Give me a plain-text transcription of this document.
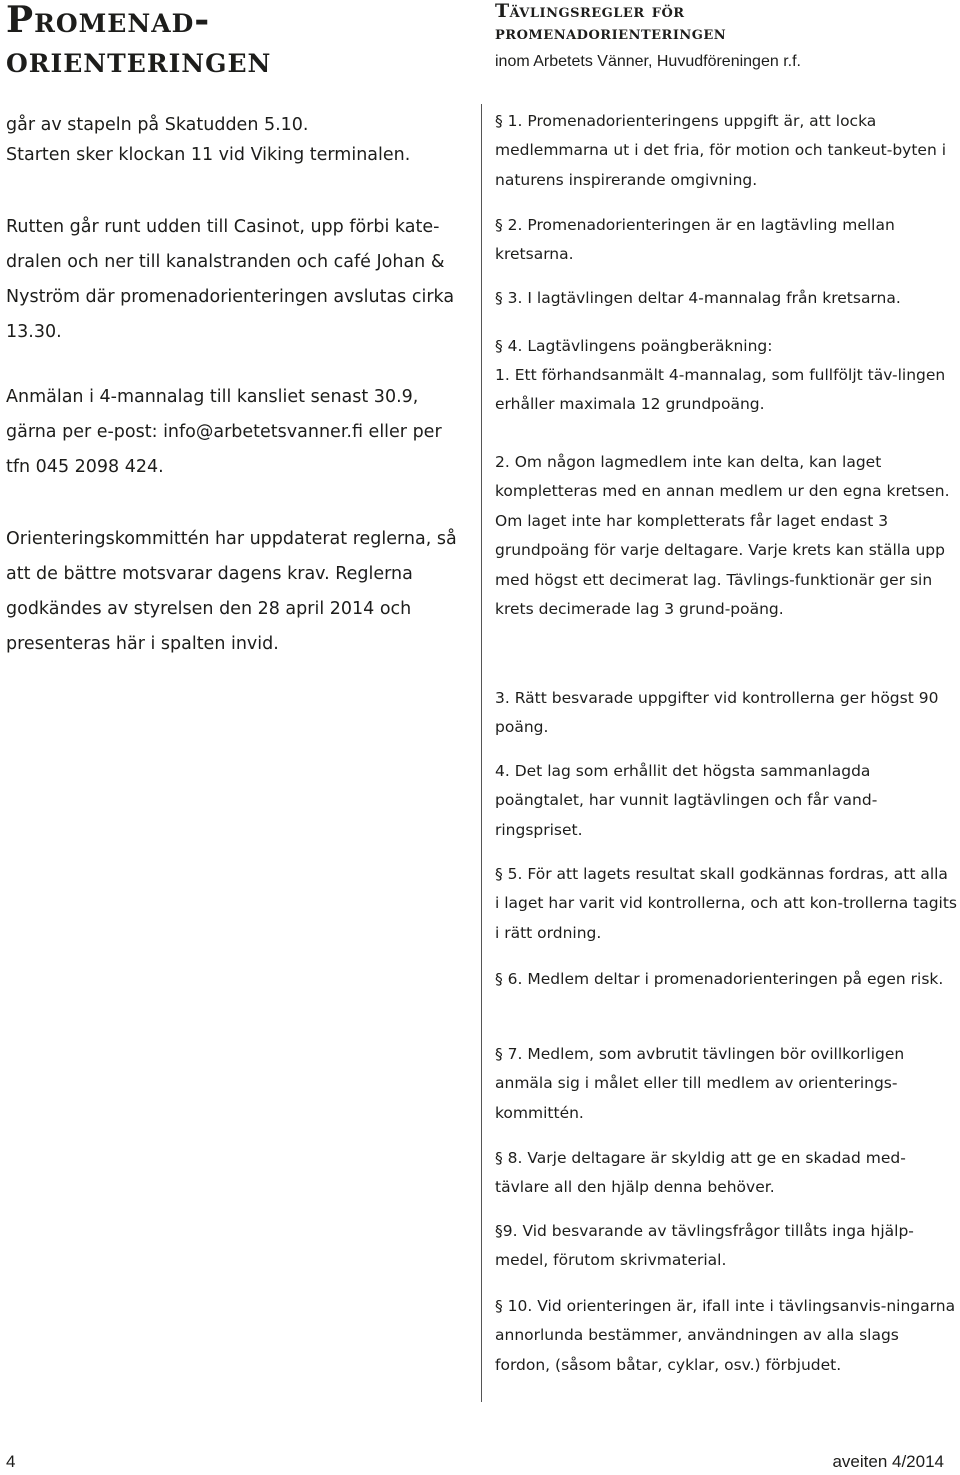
Promenad-
orienteringen

går av stapeln på Skatudden 5.10.
Starten sker klockan 11 vid Viking terminalen.

Rutten går runt udden till Casinot, upp förbi kate-dralen och ner till kanalstranden och café Johan & Nyström där promenadorienteringen avslutas cirka 13.30.

Anmälan i 4-mannalag till kansliet senast 30.9, gärna per e-post: info@arbetetsvanner.fi eller per tfn 045 2098 424.

Orienteringskommittén har uppdaterat reglerna, så att de bättre motsvarar dagens krav. Reglerna godkändes av styrelsen den 28 april 2014 och presenteras här i spalten invid.

Tävlingsregler för
promenadorienteringen

inom Arbetets Vänner, Huvudföreningen r.f.

§ 1. Promenadorienteringens uppgift är, att locka medlemmarna ut i det fria, för motion och tankeut-byten i naturens inspirerande omgivning.

§ 2. Promenadorienteringen är en lagtävling mellan kretsarna.

§ 3. I lagtävlingen deltar 4-mannalag från kretsarna.

§ 4. Lagtävlingens poängberäkning:

1. Ett förhandsanmält 4-mannalag, som fullföljt täv-lingen erhåller maximala 12 grundpoäng.

2. Om någon lagmedlem inte kan delta, kan laget kompletteras med en annan medlem ur den egna kretsen. Om laget inte har kompletterats får laget endast 3 grundpoäng för varje deltagare. Varje krets kan ställa upp med högst ett decimerat lag. Tävlings-funktionär ger sin krets decimerade lag 3 grund-poäng.

3. Rätt besvarade uppgifter vid kontrollerna ger högst 90 poäng.

4. Det lag som erhållit det högsta sammanlagda poängtalet, har vunnit lagtävlingen och får vand-ringspriset.

§ 5. För att lagets resultat skall godkännas fordras, att alla i laget har varit vid kontrollerna, och att kon-trollerna tagits i rätt ordning.

§ 6. Medlem deltar i promenadorienteringen på egen risk.

§ 7. Medlem, som avbrutit tävlingen bör ovillkorligen anmäla sig i målet eller till medlem av orienterings-kommittén.

§ 8. Varje deltagare är skyldig att ge en skadad med-tävlare all den hjälp denna behöver.

§9. Vid besvarande av tävlingsfrågor tillåts inga hjälp-medel, förutom skrivmaterial.

§ 10. Vid orienteringen är, ifall inte i tävlingsanvis-ningarna annorlunda bestämmer, användningen av alla slags fordon, (såsom båtar, cyklar, osv.) förbjudet.

4	aveiten 4/2014
